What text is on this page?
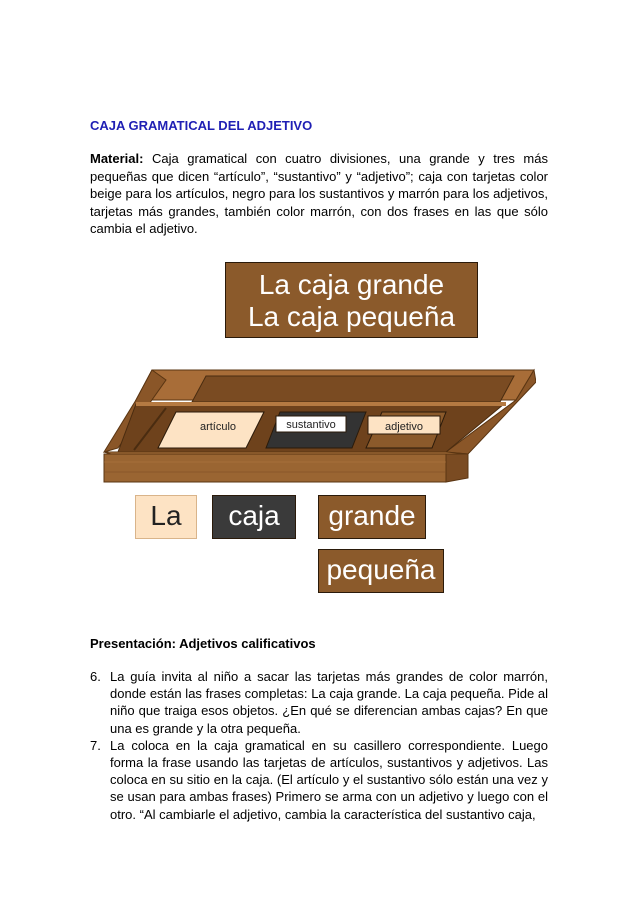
CAJA GRAMATICAL DEL ADJETIVO
Material: Caja gramatical con cuatro divisiones, una grande y tres más pequeñas que dicen “artículo”, “sustantivo” y “adjetivo”; caja con tarjetas color beige para los artículos, negro para los sustantivos y marrón para los adjetivos, tarjetas más grandes, también color marrón, con dos frases en las que sólo cambia el adjetivo.
La caja grande
La caja pequeña
artículo	sustantivo	adjetivo
La	caja	grande
pequeña
Presentación: Adjetivos calificativos
6. La guía invita al niño a sacar las tarjetas más grandes de color marrón, donde están las frases completas: La caja grande. La caja pequeña. Pide al niño que traiga esos objetos. ¿En qué se diferencian ambas cajas? En que una es grande y la otra pequeña.
7. La coloca en la caja gramatical en su casillero correspondiente. Luego forma la frase usando las tarjetas de artículos, sustantivos y adjetivos. Las coloca en su sitio en la caja. (El artículo y el sustantivo sólo están una vez y se usan para ambas frases) Primero se arma con un adjetivo y luego con el otro. “Al cambiarle el adjetivo, cambia la característica del sustantivo caja,
